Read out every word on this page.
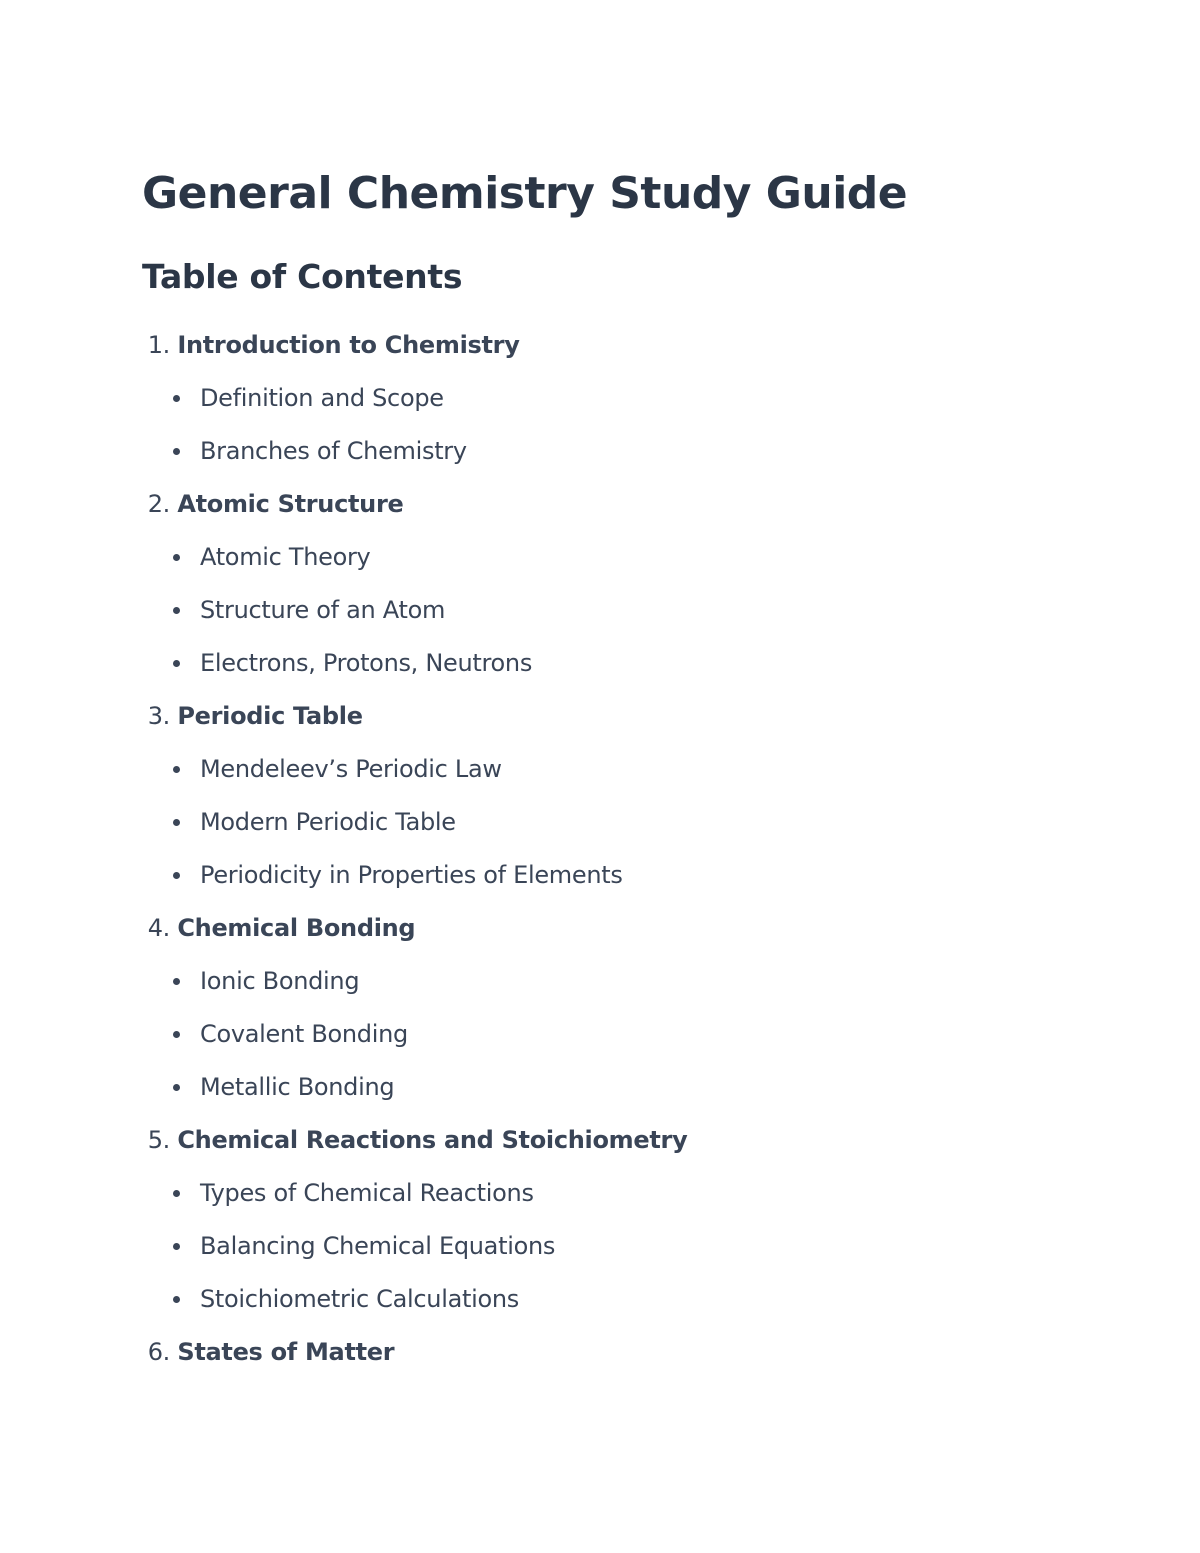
General Chemistry Study Guide
Table of Contents
1. Introduction to Chemistry
Definition and Scope
Branches of Chemistry
2. Atomic Structure
Atomic Theory
Structure of an Atom
Electrons, Protons, Neutrons
3. Periodic Table
Mendeleev’s Periodic Law
Modern Periodic Table
Periodicity in Properties of Elements
4. Chemical Bonding
Ionic Bonding
Covalent Bonding
Metallic Bonding
5. Chemical Reactions and Stoichiometry
Types of Chemical Reactions
Balancing Chemical Equations
Stoichiometric Calculations
6. States of Matter
